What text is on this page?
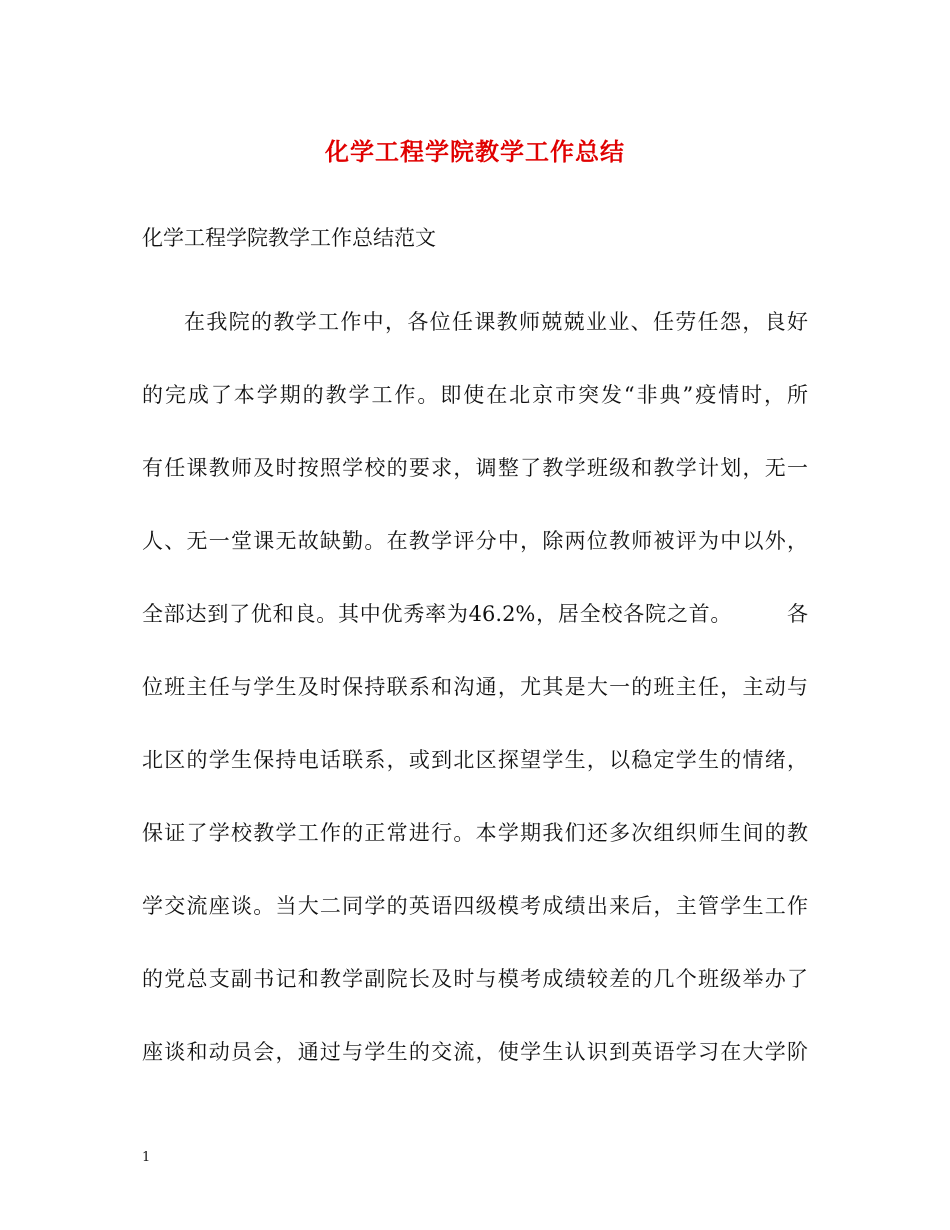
化学工程学院教学工作总结
化学工程学院教学工作总结范文
在我院的教学工作中，各位任课教师兢兢业业、任劳任怨，良好
的完成了本学期的教学工作。即使在北京市突发“非典”疫情时，所
有任课教师及时按照学校的要求，调整了教学班级和教学计划，无一
人、无一堂课无故缺勤。在教学评分中，除两位教师被评为中以外，
全部达到了优和良。其中优秀率为46.2%，居全校各院之首。　　　各
位班主任与学生及时保持联系和沟通，尤其是大一的班主任，主动与
北区的学生保持电话联系，或到北区探望学生，以稳定学生的情绪，
保证了学校教学工作的正常进行。本学期我们还多次组织师生间的教
学交流座谈。当大二同学的英语四级模考成绩出来后，主管学生工作
的党总支副书记和教学副院长及时与模考成绩较差的几个班级举办了
座谈和动员会，通过与学生的交流，使学生认识到英语学习在大学阶
1
